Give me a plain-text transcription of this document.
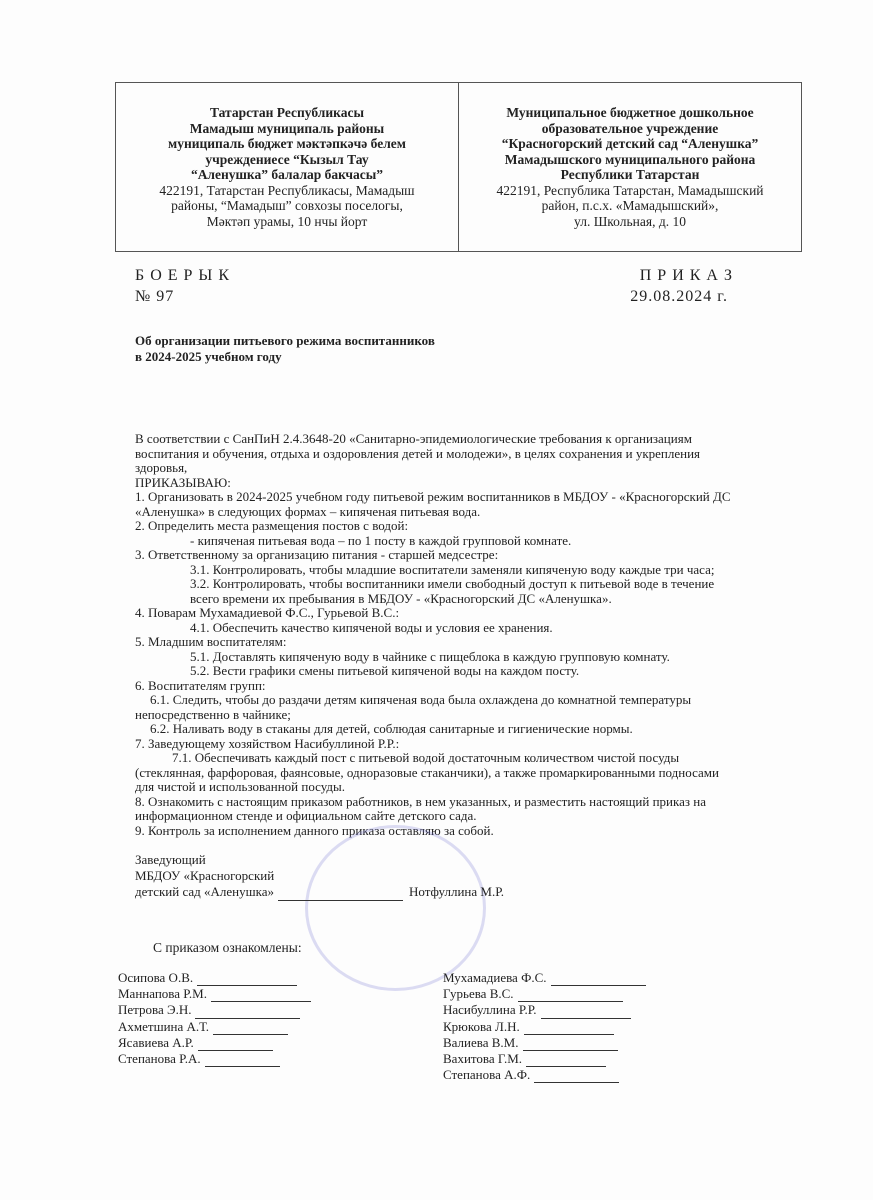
Татарстан Республикасы
Мамадыш муниципаль районы
муниципаль бюджет мәктәпкәчә белем
учреждениесе “Кызыл Тау
“Аленушка” балалар бакчасы”
422191, Татарстан Республикасы, Мамадыш
районы, “Мамадыш” совхозы поселогы,
Мәктәп урамы, 10 нчы йорт
Муниципальное бюджетное дошкольное
образовательное учреждение
“Красногорский детский сад “Аленушка”
Мамадышского муниципального района
Республики Татарстан
422191, Республика Татарстан, Мамадышский
район, п.с.х. «Мамадышский»,
ул. Школьная, д. 10
Б О Е Р Ы К
№ 97
П Р И К А З
29.08.2024 г.
Об организации питьевого режима воспитанников
в 2024-2025 учебном году
В соответствии с СанПиН 2.4.3648-20 «Санитарно-эпидемиологические требования к организациям
воспитания и обучения, отдыха и оздоровления детей и молодежи», в целях сохранения и укрепления
здоровья,
ПРИКАЗЫВАЮ:
1. Организовать в 2024-2025 учебном году питьевой режим воспитанников в МБДОУ - «Красногорский ДС
«Аленушка» в следующих формах – кипяченая питьевая вода.
2. Определить места размещения постов с водой:
- кипяченая питьевая вода – по 1 посту в каждой групповой комнате.
3. Ответственному за организацию питания - старшей медсестре:
3.1. Контролировать, чтобы младшие воспитатели заменяли кипяченую воду каждые три часа;
3.2. Контролировать, чтобы воспитанники имели свободный доступ к питьевой воде в течение
всего времени их пребывания в МБДОУ - «Красногорский ДС «Аленушка».
4. Поварам Мухамадиевой Ф.С., Гурьевой В.С.:
4.1. Обеспечить качество кипяченой воды и условия ее хранения.
5. Младшим воспитателям:
5.1. Доставлять кипяченую воду в чайнике с пищеблока в каждую групповую комнату.
5.2. Вести графики смены питьевой кипяченой воды на каждом посту.
6. Воспитателям групп:
6.1. Следить, чтобы до раздачи детям кипяченая вода была охлаждена до комнатной температуры
непосредственно в чайнике;
6.2. Наливать воду в стаканы для детей, соблюдая санитарные и гигиенические нормы.
7. Заведующему хозяйством Насибуллиной Р.Р.:
7.1. Обеспечивать каждый пост с питьевой водой достаточным количеством чистой посуды
(стеклянная, фарфоровая, фаянсовые, одноразовые стаканчики), а также промаркированными подносами
для чистой и использованной посуды.
8. Ознакомить с настоящим приказом работников, в нем указанных, и разместить настоящий приказ на
информационном стенде и официальном сайте детского сада.
9. Контроль за исполнением данного приказа оставляю за собой.
Заведующий
МБДОУ «Красногорский
детский сад «Аленушка»	Нотфуллина М.Р.
С приказом ознакомлены:
Осипова О.В.
Маннапова Р.М.
Петрова Э.Н.
Ахметшина А.Т.
Ясавиева А.Р.
Степанова Р.А.
Мухамадиева Ф.С.
Гурьева В.С.
Насибуллина Р.Р.
Крюкова Л.Н.
Валиева В.М.
Вахитова Г.М.
Степанова А.Ф.
